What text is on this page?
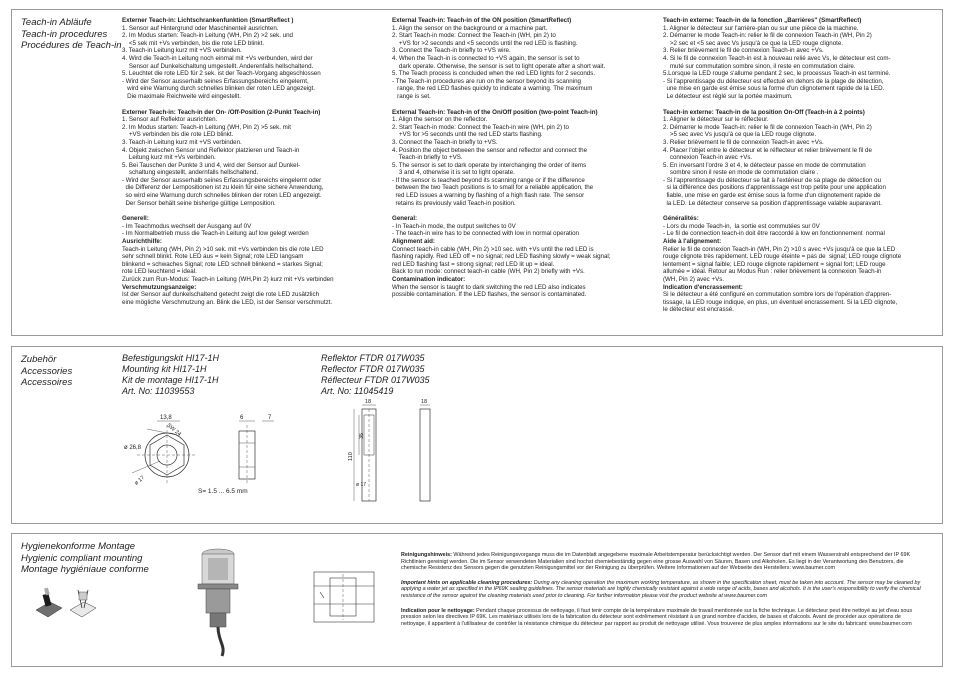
Teach-in Abläufe
Teach-in procedures
Procédures de Teach-in
Externer Teach-in: Lichtschrankenfunktion (SmartReflect )
1. Sensor auf Hintergrund oder Maschinenteil ausrichten.
2. Im Modus starten: Teach-in Leitung (WH, Pin 2) >2 sek. und
<5 sek mit +Vs verbinden, bis die rote LED blinkt.
3. Teach-in Leitung kurz mit +VS verbinden.
4. Wird die Teach-in Leitung noch einmal mit +Vs verbunden, wird der
Sensor auf Dunkelschaltung umgestellt. Anderenfalls hellschaltend.
5. Leuchtet die rote LED für 2 sek. ist der Teach-Vorgang abgeschlossen
- Wird der Sensor ausserhalb seines Erfassungsbereichs eingelernt,
wird eine Warnung durch schnelles blinken der roten LED angezeigt.
Die maximale Reichweite wird eingestellt.
Externer Teach-in: Teach-in der On- /Off-Position (2-Punkt Teach-in)
1. Sensor auf Reflektor ausrichten.
2. Im Modus starten: Teach-in Leitung (WH, Pin 2) >5 sek. mit
+VS verbinden bis die rote LED blinkt.
3. Teach-in Leitung kurz mit +VS verbinden.
4. Objekt zwischen Sensor und Reflektor platzieren und Teach-in
Leitung kurz mit +Vs verbinden.
5. Bei Tauschen der Punkte 3 und 4, wird der Sensor auf Dunkel-
schaltung eingestellt, andernfalls hellschaltend.
- Wird der Sensor ausserhalb seines Erfassungsbereichs eingelernt oder
die Differenz der Lernpositionen ist zu klein für eine sichere Anwendung,
so wird eine Warnung durch schnelles blinken der roten LED angezeigt.
Der Sensor behält seine bisherige gültige Lernposition.
Generell:
- Im Teachmodus wechselt der Ausgang auf 0V
- Im Normalbetrieb muss die Teach-in Leitung auf low gelegt werden
Ausrichthilfe:
Teach-in Leitung (WH, Pin 2) >10 sek. mit +Vs verbinden bis die rote LED
sehr schnell blinkt. Rote LED aus = kein Signal; rote LED langsam
blinkend = schwaches Signal; rote LED schnell blinkend = starkes Signal;
rote LED leuchtend = ideal.
Zurück zum Run-Modus: Teach-in Leitung (WH,Pin 2) kurz mit +Vs verbinden
Verschmutzungsanzeige:
Ist der Sensor auf dunkelschaltend getecht zeigt die rote LED zusätzlich
eine mögliche Verschmutzung an. Blink die LED, ist der Sensor verschmutzt.
External Teach-in: Teach-in of the ON position (SmartReflect)
1. Align the sensor on the background or a machine part.
2. Start Teach-in mode: Connect the Teach-in (WH, pin 2) to
+VS for >2 seconds and <5 seconds until the red LED is flashing.
3. Connect the Teach-in briefly to +VS wire.
4. When the Teach-in is connected to +VS again, the sensor is set to
dark operate. Otherwise, the sensor is set to light operate after a short wait.
5. The Teach process is concluded when the red LED lights for 2 seconds.
- The Teach-in procedures are run on the sensor beyond its scanning
range, the red LED flashes quickly to indicate a warning. The maximum
range is set.
External Teach-in: Teach-in of the On/Off position (two-point Teach-in)
1. Align the sensor on the reflector.
2. Start Teach-in mode: Connect the Teach-in wire (WH, pin 2) to
+VS for >5 seconds until the red LED starts flashing.
3. Connect the Teach-in briefly to +VS.
4. Position the object between the sensor and reflector and connect the
Teach-in briefly to +VS.
5. The sensor is set to dark operate by interchanging the order of items
3 and 4, otherwise it is set to light operate.
- If the sensor is teached beyond its scanning range or if the difference
between the two Teach positions is to small for a reliable application, the
red LED issues a warning by flashing of a high flash rate. The sensor
retains its previously valid Teach-in position.
General:
- In Teach-in mode, the output switches to 0V
- The teach-in wire has to be connected with low in normal operation
Alignment aid:
Connect teach-in cable (WH, Pin 2) >10 sec. with +Vs until the red LED is
flashing rapidly. Red LED off = no signal; red LED flashing slowly = weak signal;
red LED flashing fast = strong signal; red LED lit up = ideal.
Back to run mode: connect teach-in cable (WH, Pin 2) briefly with +Vs.
Contamination indicator:
When the sensor is taught to dark switching the red LED also indicates
possible contamination. If the LED flashes, the sensor is contaminated.
Teach-in externe: Teach-in de la fonction „Barrières" (SmartReflect)
1. Aligner le détecteur sur l'arrière-plan ou sur une pièce de la machine.
2. Démarrer le mode Teach-in: relier le fil de connexion Teach-in (WH, Pin 2)
>2 sec et <5 sec avec Vs jusqu'à ce que la LED rouge clignote.
3. Relier brièvement le fil de connexion Teach-in avec +Vs.
4. Si le fil de connexion Teach-in est à nouveau relié avec Vs, le détecteur est com-
muté sur commutation sombre sinon, il reste en commutation claire.
5.Lorsque la LED rouge s'allume pendant 2 sec, le processus Teach-in est terminé.
- Si l'apprentissage du détecteur est effectué en dehors de la plage de détection,
une mise en garde est émise sous la forme d'un clignotement rapide de la LED.
Le détecteur est réglé sur la portée maximum.
Teach-in externe: Teach-in de la position On-Off (Teach-in à 2 points)
1. Aligner le détecteur sur le réflecteur.
2. Démarrer le mode Teach-in: relier le fil de connexion Teach-in (WH, Pin 2)
>5 sec avec Vs jusqu'à ce que la LED rouge clignote.
3. Relier brièvement le fil de connexion Teach-in avec +Vs.
4. Placer l'objet entre le détecteur et le réflecteur et relier brièvement le fil de
connexion Teach-in avec +Vs.
5. En inversant l'ordre 3 et 4, le détecteur passe en mode de commutation
sombre sinon il reste en mode de commutation claire .
- Si l'apprentissage du détecteur se fait à l'extérieur de sa plage de détection ou
si la différence des positions d'apprentissage est trop petite pour une application
fiable, une mise en garde est émise sous la forme d'un clignotement rapide de
la LED. Le détecteur conserve sa position d'apprentissage valable auparavant.
Généralités:
- Lors du mode Teach-in,  la sortie est commutées sur 0V
- Le fil de connection teach-in doit être raccordé à low en fonctionnement  normal
Aide à l'alignement:
Relier le fil de connexion Teach-in (WH, Pin 2) >10 s avec +Vs jusqu'à ce que la LED
rouge clignote très rapidement. LED rouge éteinte = pas de  signal; LED rouge clignote
lentement = signal faible; LED rouge clignote rapidement = signal fort; LED rouge
allumée = idéal. Retour au Modus Run : relier brièvement la connexion Teach-in
(WH, Pin 2) avec +Vs.
Indication d'encrassement:
Si le détecteur a été configuré en commutation sombre lors de l'opération d'appren-
tissage, la LED rouge indique, en plus, un éventuel encrassement. Si la LED clignote,
le détecteur est encrassé.
Zubehör
Accessories
Accessoires
Befestigungskit HI17-1H
Mounting kit HI17-1H
Kit de montage HI17-1H
Art. No: 11039553
Reflektor FTDR 017W035
Reflector FTDR 017W035
Réflecteur FTDR 017W035
Art. No: 11045419
13,8	6	7
ø 26,8
SW 24
ø 17
S= 1.5 ... 6.5 mm
18	18
110
35
ø 17
Hygienekonforme Montage
Hygienic compliant mounting
Montage hygiéniaue conforme

Reinigungshinweis: Während jedes Reinigungsvorgangs muss die im Datenblatt angegebene maximale Arbeitstemperatur berücksichtigt werden. Der Sensor darf mit einem Wasserstrahl entsprechend der IP 69K Richtlinien gereinigt werden. Die im Sensor verwendeten Materialien sind hochst chemiebeständig gegen eine grosse Auswahl von Säuren, Basen und Alkoholen. Es liegt in der Verantwortung des Benutzers, die chemische Resistenz des Sensors gegen die genutzten Reinigungsmittel vor der Reinigung zu überprüfen. Weitere Informationen auf der Webseite des Herstellers: www.baumer.com

Important hints on applicable cleaning procedures: During any cleaning operation the maximum working temperature, as shown in the specification sheet, must be taken into account. The sensor may be cleaned by applying a water jet as specified in the IP69K sealing guidelines. The sensor materials are highly chemically resistant against a wide range of acids, bases and alcohols. It is the user's responsibility to verify the chemical resistance of the sensor against the cleaning materials used prior to cleaning. For further information please visit the product website at www.baumer.com

Indication pour le nettoyage: Pendant chaque processus de nettoyage, il faut tenir compte de la température maximale de travail mentionnée sur la fiche technique. Le détecteur peut être nettoyé au jet d'eau sous pression selon les directives IP 69K. Les matériaux utilisés lors de la fabrication du détecteur sont extrêmement résistant à un grand nombre d'acides, de bases et d'alcools. Avant de procéder aux opérations de nettoyage, il appartient à l'utilisateur de contrôler la résistance chimique du détecteur par rapport au produit de nettoyage utilisé. Vous trouverez de plus amples informations sur le site du fabricant: www.baumer.com
